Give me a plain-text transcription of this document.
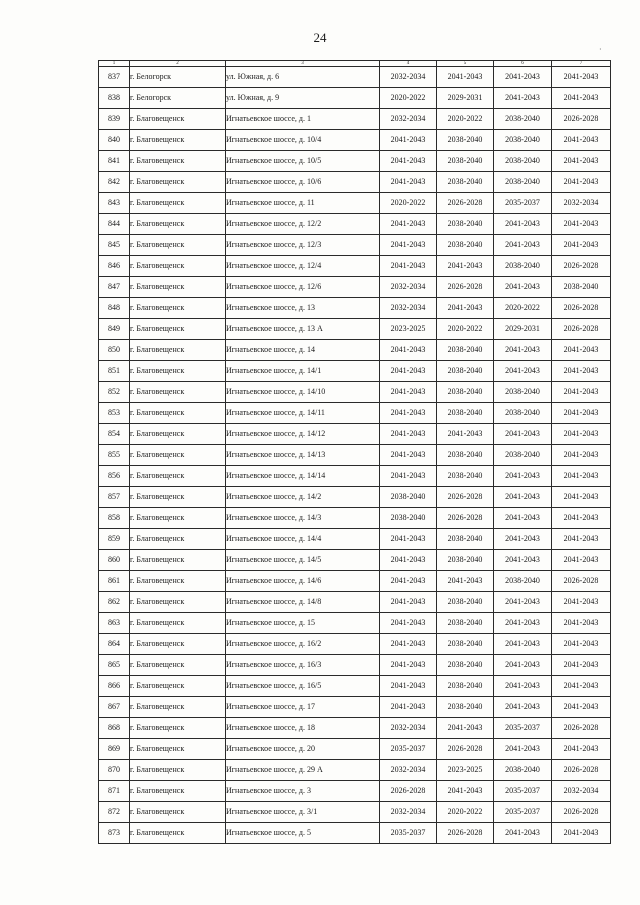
24
·
1	2	3	4	5	6	7
837	г. Белогорск	ул. Южная, д. 6	2032-2034	2041-2043	2041-2043	2041-2043
838	г. Белогорск	ул. Южная, д. 9	2020-2022	2029-2031	2041-2043	2041-2043
839	г. Благовещенск	Игнатьевское шоссе, д. 1	2032-2034	2020-2022	2038-2040	2026-2028
840	г. Благовещенск	Игнатьевское шоссе, д. 10/4	2041-2043	2038-2040	2038-2040	2041-2043
841	г. Благовещенск	Игнатьевское шоссе, д. 10/5	2041-2043	2038-2040	2038-2040	2041-2043
842	г. Благовещенск	Игнатьевское шоссе, д. 10/6	2041-2043	2038-2040	2038-2040	2041-2043
843	г. Благовещенск	Игнатьевское шоссе, д. 11	2020-2022	2026-2028	2035-2037	2032-2034
844	г. Благовещенск	Игнатьевское шоссе, д. 12/2	2041-2043	2038-2040	2041-2043	2041-2043
845	г. Благовещенск	Игнатьевское шоссе, д. 12/3	2041-2043	2038-2040	2041-2043	2041-2043
846	г. Благовещенск	Игнатьевское шоссе, д. 12/4	2041-2043	2041-2043	2038-2040	2026-2028
847	г. Благовещенск	Игнатьевское шоссе, д. 12/6	2032-2034	2026-2028	2041-2043	2038-2040
848	г. Благовещенск	Игнатьевское шоссе, д. 13	2032-2034	2041-2043	2020-2022	2026-2028
849	г. Благовещенск	Игнатьевское шоссе, д. 13 А	2023-2025	2020-2022	2029-2031	2026-2028
850	г. Благовещенск	Игнатьевское шоссе, д. 14	2041-2043	2038-2040	2041-2043	2041-2043
851	г. Благовещенск	Игнатьевское шоссе, д. 14/1	2041-2043	2038-2040	2041-2043	2041-2043
852	г. Благовещенск	Игнатьевское шоссе, д. 14/10	2041-2043	2038-2040	2038-2040	2041-2043
853	г. Благовещенск	Игнатьевское шоссе, д. 14/11	2041-2043	2038-2040	2038-2040	2041-2043
854	г. Благовещенск	Игнатьевское шоссе, д. 14/12	2041-2043	2041-2043	2041-2043	2041-2043
855	г. Благовещенск	Игнатьевское шоссе, д. 14/13	2041-2043	2038-2040	2038-2040	2041-2043
856	г. Благовещенск	Игнатьевское шоссе, д. 14/14	2041-2043	2038-2040	2041-2043	2041-2043
857	г. Благовещенск	Игнатьевское шоссе, д. 14/2	2038-2040	2026-2028	2041-2043	2041-2043
858	г. Благовещенск	Игнатьевское шоссе, д. 14/3	2038-2040	2026-2028	2041-2043	2041-2043
859	г. Благовещенск	Игнатьевское шоссе, д. 14/4	2041-2043	2038-2040	2041-2043	2041-2043
860	г. Благовещенск	Игнатьевское шоссе, д. 14/5	2041-2043	2038-2040	2041-2043	2041-2043
861	г. Благовещенск	Игнатьевское шоссе, д. 14/6	2041-2043	2041-2043	2038-2040	2026-2028
862	г. Благовещенск	Игнатьевское шоссе, д. 14/8	2041-2043	2038-2040	2041-2043	2041-2043
863	г. Благовещенск	Игнатьевское шоссе, д. 15	2041-2043	2038-2040	2041-2043	2041-2043
864	г. Благовещенск	Игнатьевское шоссе, д. 16/2	2041-2043	2038-2040	2041-2043	2041-2043
865	г. Благовещенск	Игнатьевское шоссе, д. 16/3	2041-2043	2038-2040	2041-2043	2041-2043
866	г. Благовещенск	Игнатьевское шоссе, д. 16/5	2041-2043	2038-2040	2041-2043	2041-2043
867	г. Благовещенск	Игнатьевское шоссе, д. 17	2041-2043	2038-2040	2041-2043	2041-2043
868	г. Благовещенск	Игнатьевское шоссе, д. 18	2032-2034	2041-2043	2035-2037	2026-2028
869	г. Благовещенск	Игнатьевское шоссе, д. 20	2035-2037	2026-2028	2041-2043	2041-2043
870	г. Благовещенск	Игнатьевское шоссе, д. 29 А	2032-2034	2023-2025	2038-2040	2026-2028
871	г. Благовещенск	Игнатьевское шоссе, д. 3	2026-2028	2041-2043	2035-2037	2032-2034
872	г. Благовещенск	Игнатьевское шоссе, д. 3/1	2032-2034	2020-2022	2035-2037	2026-2028
873	г. Благовещенск	Игнатьевское шоссе, д. 5	2035-2037	2026-2028	2041-2043	2041-2043
